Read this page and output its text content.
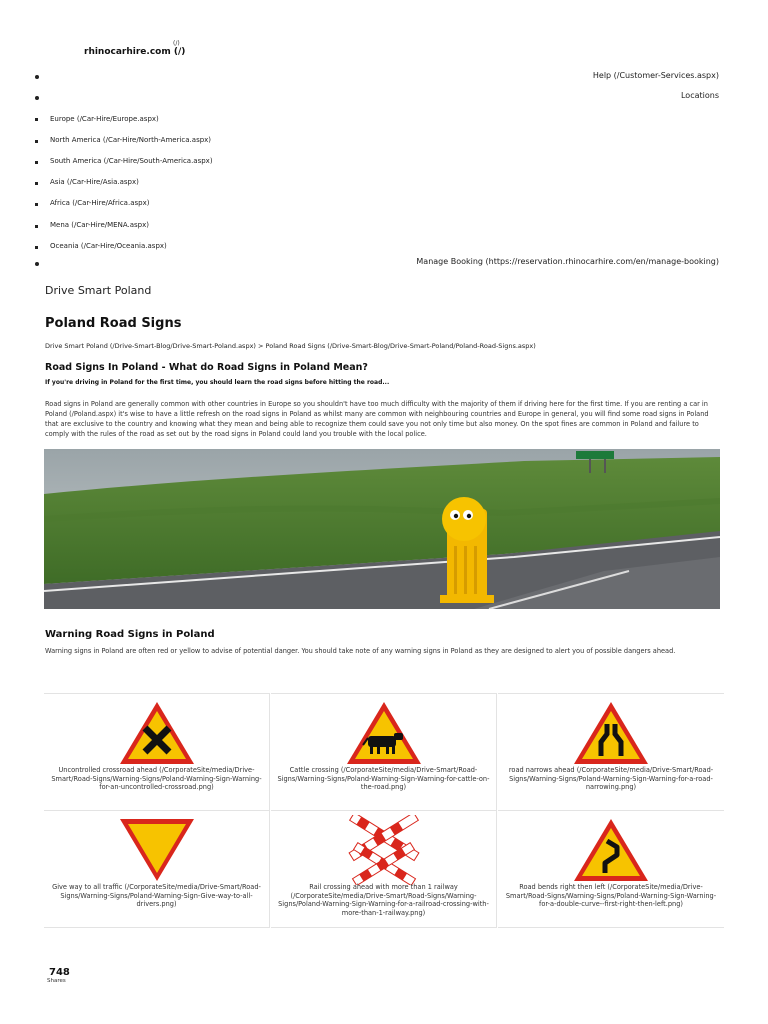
rhinocarhire.com (/)
(/)
Help (/Customer-Services.aspx)
Locations
Europe (/Car-Hire/Europe.aspx)
North America (/Car-Hire/North-America.aspx)
South America (/Car-Hire/South-America.aspx)
Asia (/Car-Hire/Asia.aspx)
Africa (/Car-Hire/Africa.aspx)
Mena (/Car-Hire/MENA.aspx)
Oceania (/Car-Hire/Oceania.aspx)
Manage Booking (https://reservation.rhinocarhire.com/en/manage-booking)
Drive Smart Poland
Poland Road Signs
Drive Smart Poland (/Drive-Smart-Blog/Drive-Smart-Poland.aspx) > Poland Road Signs (/Drive-Smart-Blog/Drive-Smart-Poland/Poland-Road-Signs.aspx)
Road Signs In Poland - What do Road Signs in Poland Mean?
If you're driving in Poland for the first time, you should learn the road signs before hitting the road...
Road signs in Poland are generally common with other countries in Europe so you shouldn't have too much difficulty with the majority of them if driving here for the first time. If you are renting a car in Poland (/Poland.aspx) it's wise to have a little refresh on the road signs in Poland as whilst many are common with neighbouring countries and Europe in general, you will find some road signs in Poland that are exclusive to the country and knowing what they mean and being able to recognize them could save you not only time but also money. On the spot fines are common in Poland and failure to comply with the rules of the road as set out by the road signs in Poland could land you trouble with the local police.
Warning Road Signs in Poland
Warning signs in Poland are often red or yellow to advise of potential danger. You should take note of any warning signs in Poland as they are designed to alert you of possible dangers ahead.
Uncontrolled crossroad ahead (/CorporateSite/media/Drive-Smart/Road-Signs/Warning-Signs/Poland-Warning-Sign-Warning-for-an-uncontrolled-crossroad.png)
Cattle crossing (/CorporateSite/media/Drive-Smart/Road-Signs/Warning-Signs/Poland-Warning-Sign-Warning-for-cattle-on-the-road.png)
road narrows ahead (/CorporateSite/media/Drive-Smart/Road-Signs/Warning-Signs/Poland-Warning-Sign-Warning-for-a-road-narrowing.png)
Give way to all traffic (/CorporateSite/media/Drive-Smart/Road-Signs/Warning-Signs/Poland-Warning-Sign-Give-way-to-all-drivers.png)
Rail crossing ahead with more than 1 railway (/CorporateSite/media/Drive-Smart/Road-Signs/Warning-Signs/Poland-Warning-Sign-Warning-for-a-railroad-crossing-with-more-than-1-railway.png)
Road bends right then left (/CorporateSite/media/Drive-Smart/Road-Signs/Warning-Signs/Poland-Warning-Sign-Warning-for-a-double-curve--first-right-then-left.png)
748
Shares
